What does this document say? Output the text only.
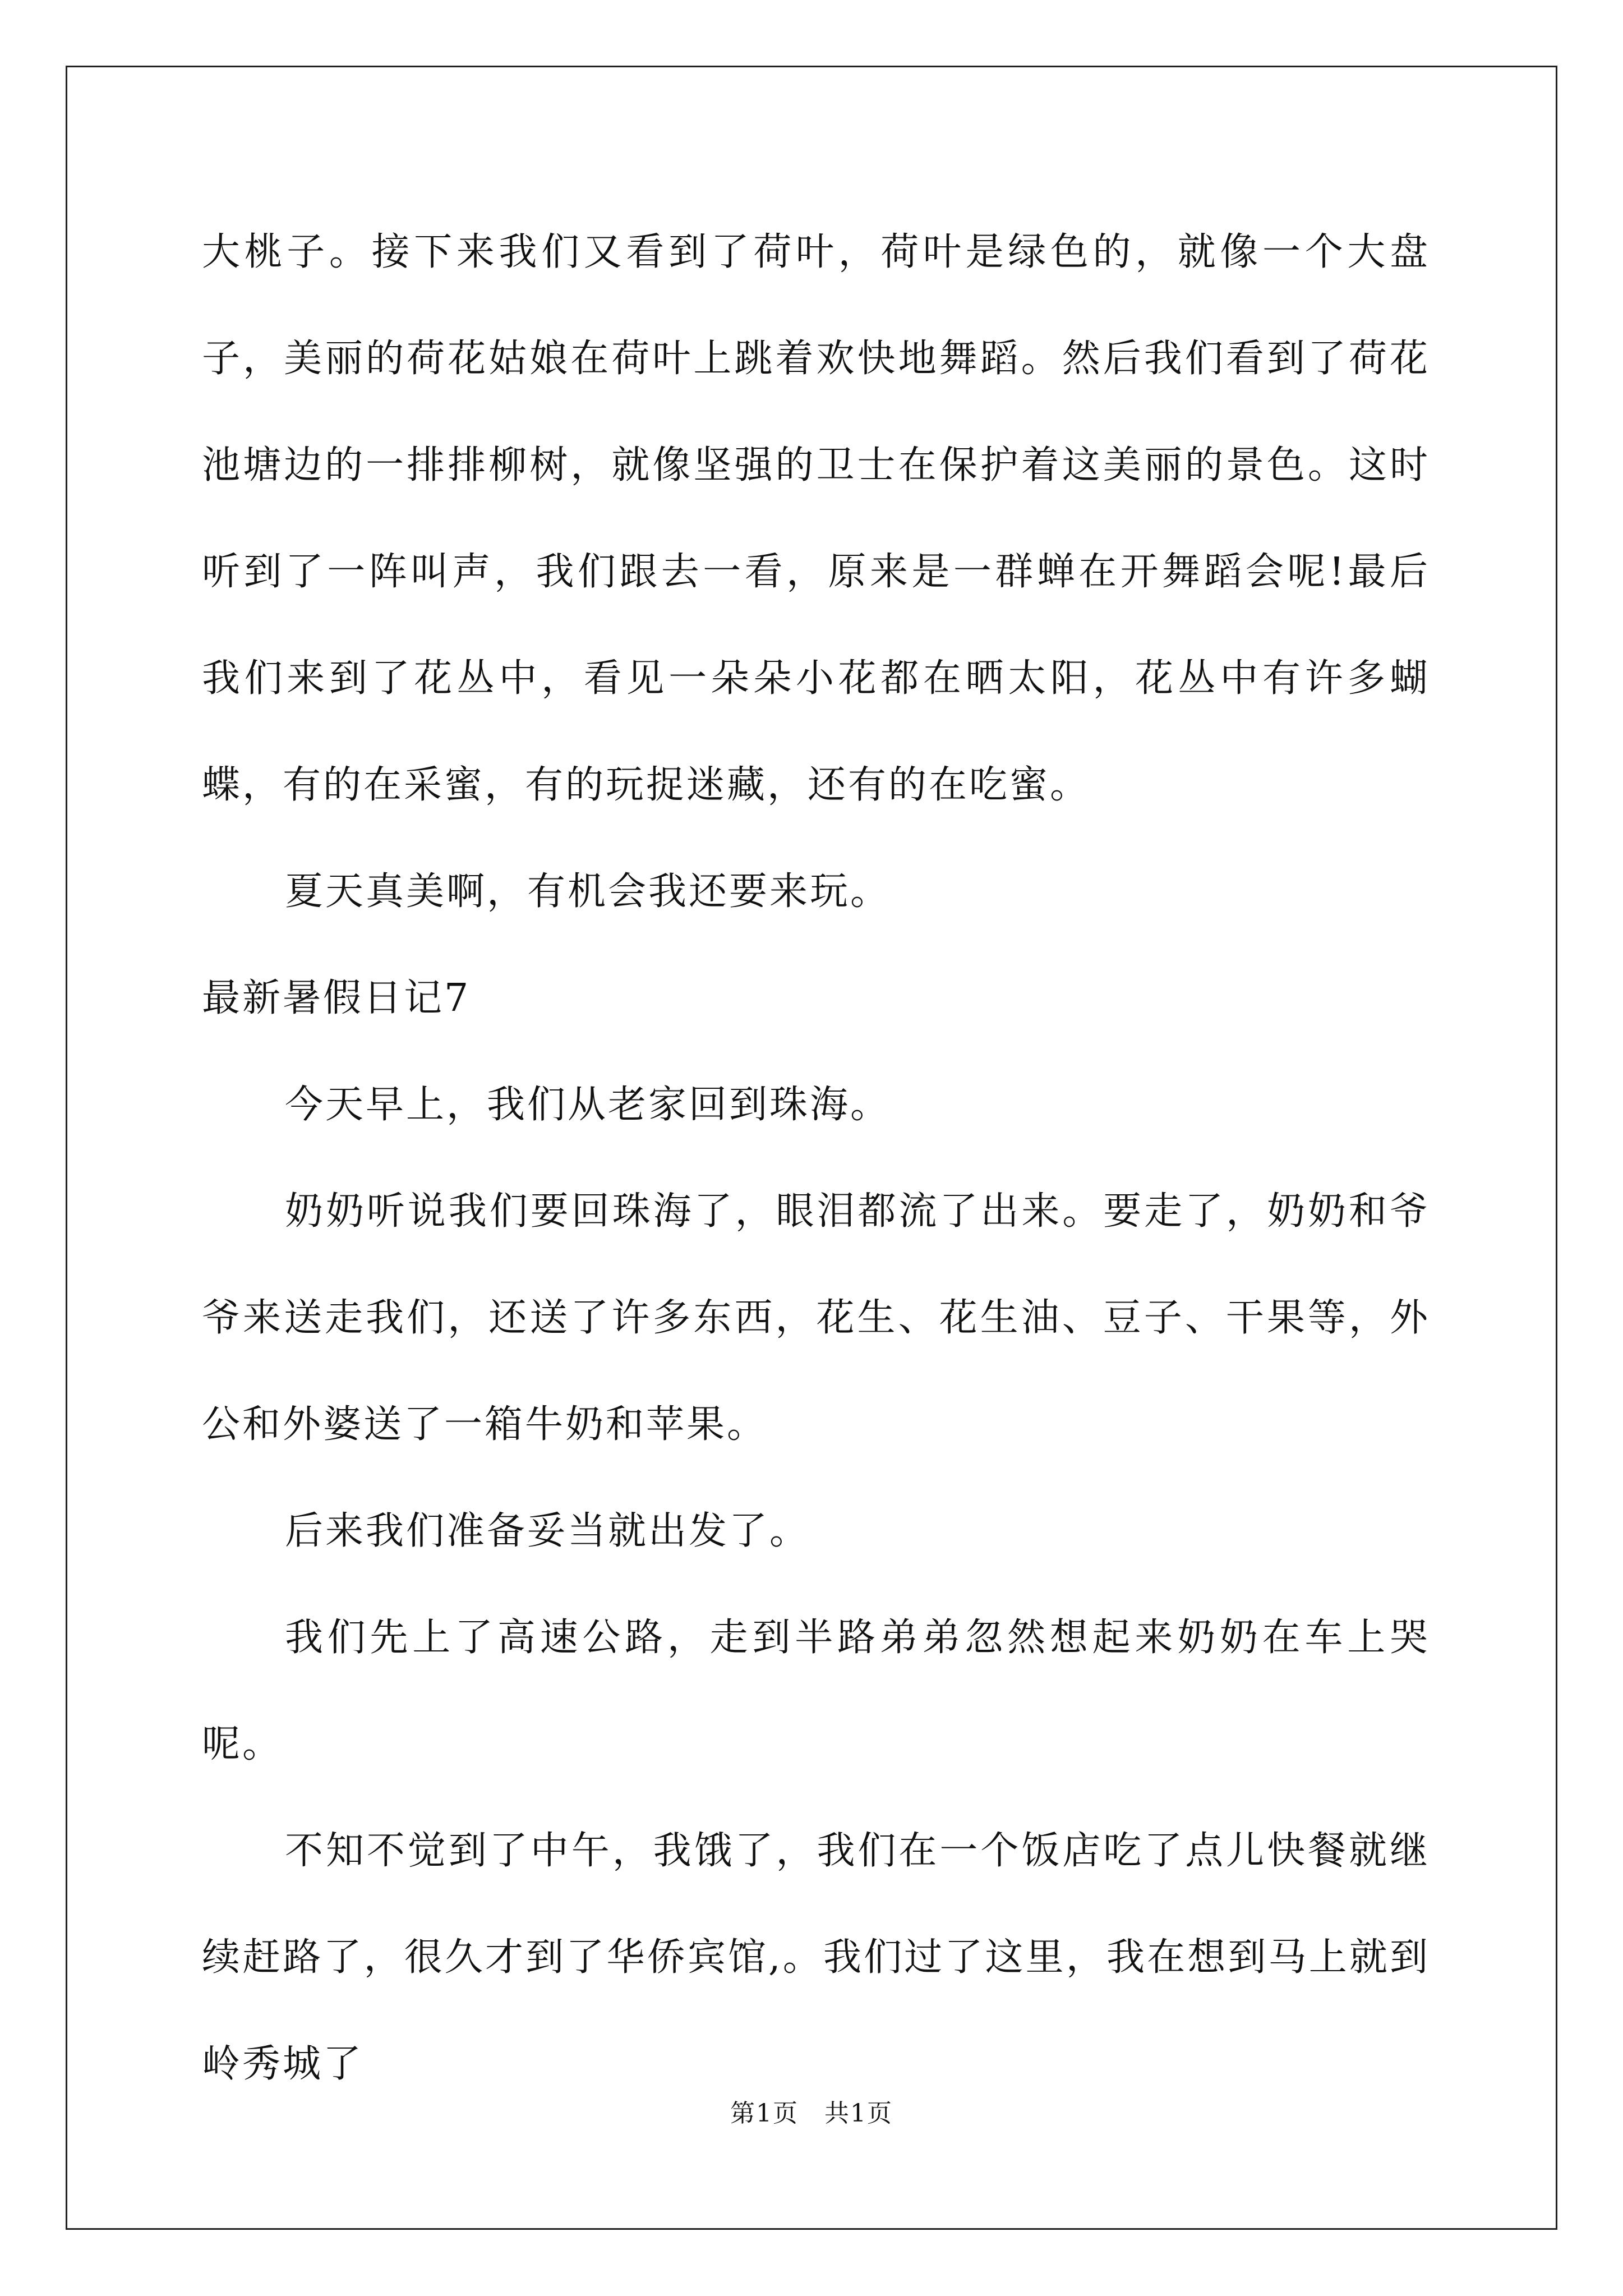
大桃子。接下来我们又看到了荷叶，荷叶是绿色的，就像一个大盘子，美丽的荷花姑娘在荷叶上跳着欢快地舞蹈。然后我们看到了荷花池塘边的一排排柳树，就像坚强的卫士在保护着这美丽的景色。这时听到了一阵叫声，我们跟去一看，原来是一群蝉在开舞蹈会呢!最后我们来到了花丛中，看见一朵朵小花都在晒太阳，花丛中有许多蝴蝶，有的在采蜜，有的玩捉迷藏，还有的在吃蜜。

夏天真美啊，有机会我还要来玩。

最新暑假日记7

今天早上，我们从老家回到珠海。

奶奶听说我们要回珠海了，眼泪都流了出来。要走了，奶奶和爷爷来送走我们，还送了许多东西，花生、花生油、豆子、干果等，外公和外婆送了一箱牛奶和苹果。

后来我们准备妥当就出发了。

我们先上了高速公路，走到半路弟弟忽然想起来奶奶在车上哭呢。

不知不觉到了中午，我饿了，我们在一个饭店吃了点儿快餐就继续赶路了，很久才到了华侨宾馆,。我们过了这里，我在想到马上就到岭秀城了

第1页　共1页
